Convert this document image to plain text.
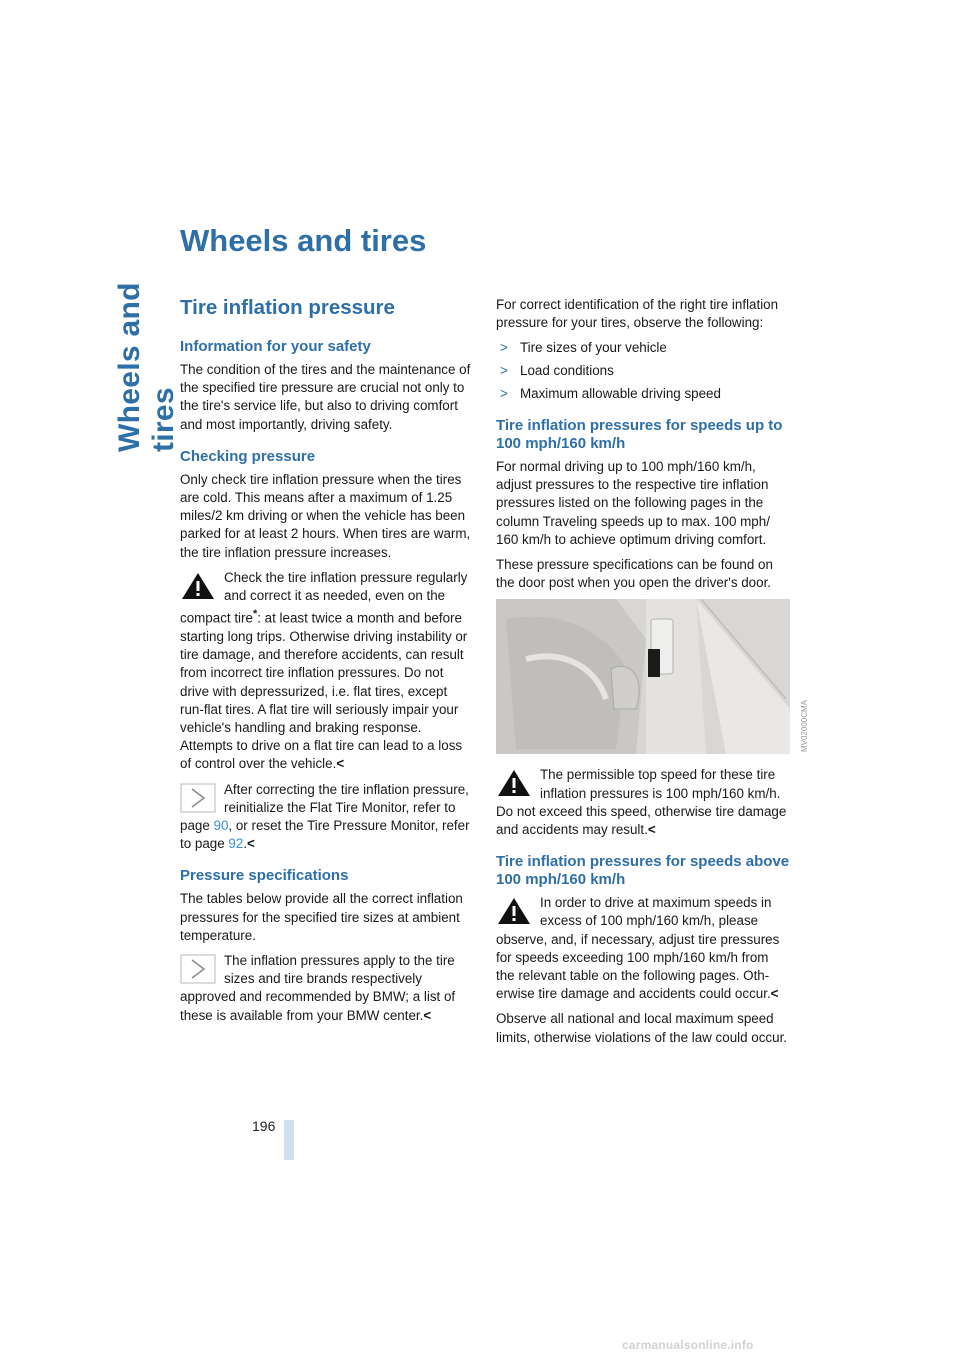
Wheels and tires
Wheels and tires
Tire inflation pressure
Information for your safety

The condition of the tires and the maintenance of the specified tire pressure are crucial not only to the tire's service life, but also to driving comfort and most importantly, driving safety.

Checking pressure

Only check tire inflation pressure when the tires are cold. This means after a maximum of 1.25 miles/2 km driving or when the vehicle has been parked for at least 2 hours. When tires are warm, the tire inflation pressure increases.

Check the tire inflation pressure regularly and correct it as needed, even on the compact tire*: at least twice a month and before starting long trips. Otherwise driving instability or tire damage, and therefore accidents, can result from incorrect tire inflation pressures. Do not drive with depressurized, i.e. flat tires, except run-flat tires. A flat tire will seriously impair your vehicle's handling and braking response. Attempts to drive on a flat tire can lead to a loss of control over the vehicle.<
After correcting the tire inflation pressure, reinitialize the Flat Tire Monitor, refer to page 90, or reset the Tire Pressure Monitor, refer to page 92.<
Pressure specifications

The tables below provide all the correct inflation pressures for the specified tire sizes at ambient temperature.

The inflation pressures apply to the tire sizes and tire brands respectively approved and recommended by BMW; a list of these is available from your BMW center.<

For correct identification of the right tire inflation pressure for your tires, observe the following:

> Tire sizes of your vehicle
> Load conditions
> Maximum allowable driving speed
Tire inflation pressures for speeds up to 100 mph/160 km/h

For normal driving up to 100 mph/160 km/h, adjust pressures to the respective tire inflation pressures listed on the following pages in the column Traveling speeds up to max. 100 mph/ 160 km/h to achieve optimum driving comfort.

These pressure specifications can be found on the door post when you open the driver's door.

The permissible top speed for these tire inflation pressures is 100 mph/160 km/h. Do not exceed this speed, otherwise tire damage and accidents may result.<
Tire inflation pressures for speeds above 100 mph/160 km/h
In order to drive at maximum speeds in excess of 100 mph/160 km/h, please observe, and, if necessary, adjust tire pressures for speeds exceeding 100 mph/160 km/h from the relevant table on the following pages. Otherwise tire damage and accidents could occur.<

Observe all national and local maximum speed limits, otherwise violations of the law could occur.

MV02000CMA
196
carmanualsonline.info
